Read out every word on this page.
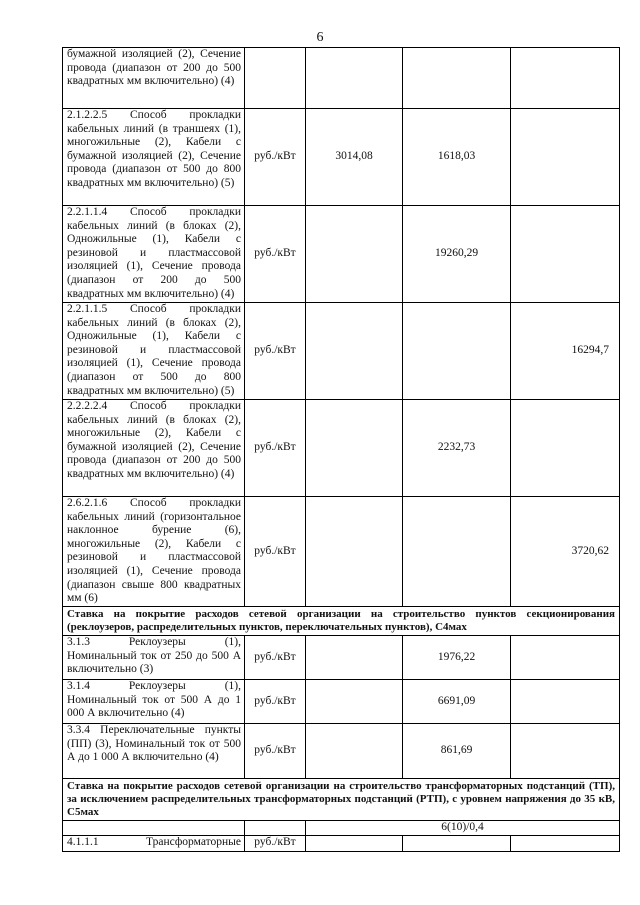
6
бумажной изоляцией (2), Сечение провода (диапазон от 200 до 500 квадратных мм включительно) (4)				
2.1.2.2.5 Способ прокладки кабельных линий (в траншеях (1), многожильные (2), Кабели с бумажной изоляцией (2), Сечение провода (диапазон от 500 до 800 квадратных мм включительно) (5)	руб./кВт	3014,08	1618,03	
2.2.1.1.4 Способ прокладки кабельных линий (в блоках (2), Одножильные (1), Кабели с резиновой и пластмассовой изоляцией (1), Сечение провода (диапазон от 200 до 500 квадратных мм включительно) (4)	руб./кВт		19260,29	
2.2.1.1.5 Способ прокладки кабельных линий (в блоках (2), Одножильные (1), Кабели с резиновой и пластмассовой изоляцией (1), Сечение провода (диапазон от 500 до 800 квадратных мм включительно) (5)	руб./кВт			16294,7
2.2.2.2.4 Способ прокладки кабельных линий (в блоках (2), многожильные (2), Кабели с бумажной изоляцией (2), Сечение провода (диапазон от 200 до 500 квадратных мм включительно) (4)	руб./кВт		2232,73	
2.6.2.1.6 Способ прокладки кабельных линий (горизонтальное наклонное бурение (6), многожильные (2), Кабели с резиновой и пластмассовой изоляцией (1), Сечение провода (диапазон свыше 800 квадратных мм (6)	руб./кВт			3720,62
Ставка на покрытие расходов сетевой организации на строительство пунктов секционирования (реклоузеров, распределительных пунктов, переключательных пунктов), С4мах				
3.1.3 Реклоузеры (1), Номинальный ток от 250 до 500 А включительно (3)	руб./кВт		1976,22	
3.1.4 Реклоузеры (1), Номинальный ток от 500 А до 1 000 А включительно (4)	руб./кВт		6691,09	
3.3.4 Переключательные пункты (ПП) (3), Номинальный ток от 500 А до 1 000 А включительно (4)	руб./кВт		861,69	
Ставка на покрытие расходов сетевой организации на строительство трансформаторных подстанций (ТП), за исключением распределительных трансформаторных подстанций (РТП), с уровнем напряжения до 35 кВ, С5мах				
		6(10)/0,4		
4.1.1.1 Трансформаторные	руб./кВт			
